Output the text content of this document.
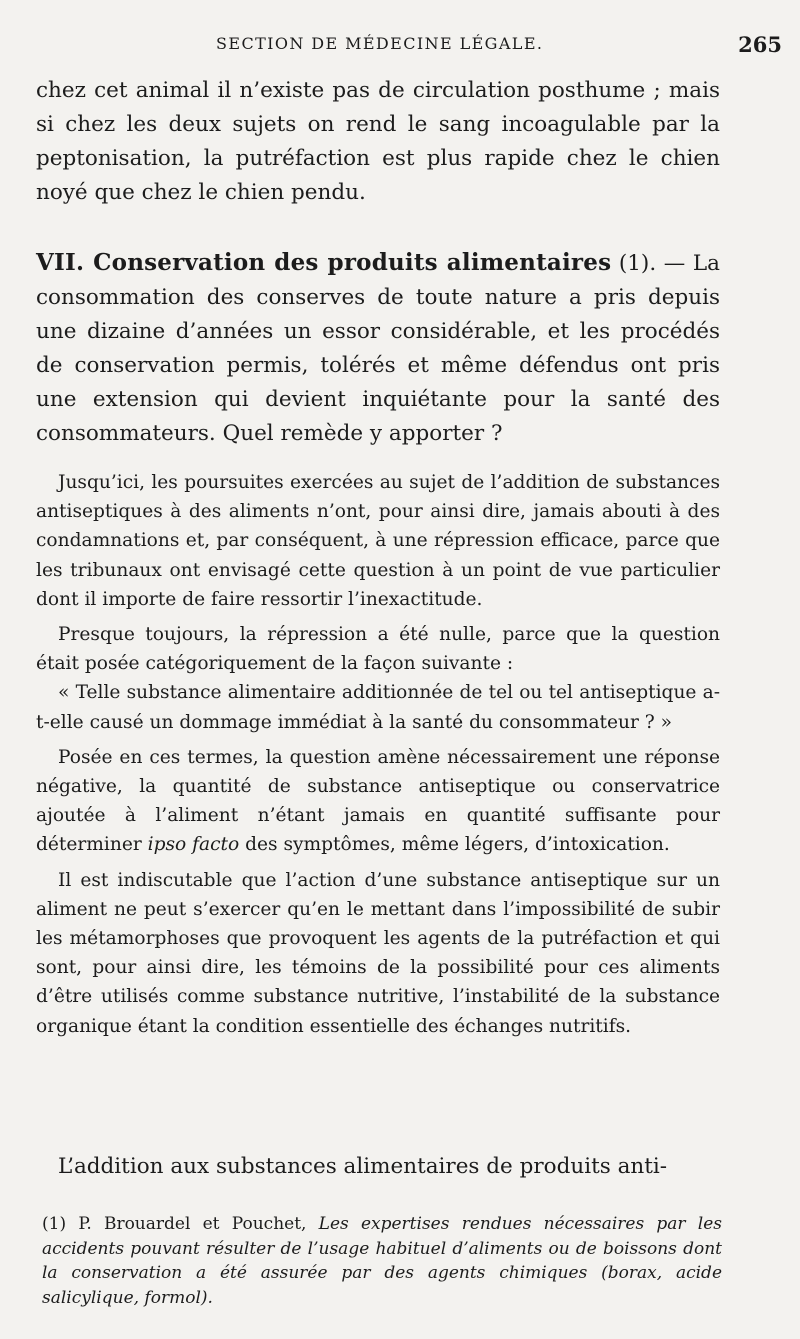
SECTION DE MÉDECINE LÉGALE.	265

chez cet animal il n’existe pas de circulation posthume ; mais si chez les deux sujets on rend le sang incoagulable par la peptonisation, la putréfaction est plus rapide chez le chien noyé que chez le chien pendu.

VII. Conservation des produits alimentaires (1). — La consommation des conserves de toute nature a pris depuis une dizaine d’années un essor considérable, et les procédés de conservation permis, tolérés et même défendus ont pris une extension qui devient inquiétante pour la santé des consommateurs. Quel remède y apporter ?

Jusqu’ici, les poursuites exercées au sujet de l’addition de substances antiseptiques à des aliments n’ont, pour ainsi dire, jamais abouti à des condamnations et, par conséquent, à une répression efficace, parce que les tribunaux ont envisagé cette question à un point de vue particulier dont il importe de faire ressortir l’inexactitude.

Presque toujours, la répression a été nulle, parce que la question était posée catégoriquement de la façon suivante :

« Telle substance alimentaire additionnée de tel ou tel antiseptique a-t-elle causé un dommage immédiat à la santé du consommateur ? »

Posée en ces termes, la question amène nécessairement une réponse négative, la quantité de substance antiseptique ou conservatrice ajoutée à l’aliment n’étant jamais en quantité suffisante pour déterminer ipso facto des symptômes, même légers, d’intoxication.

Il est indiscutable que l’action d’une substance antiseptique sur un aliment ne peut s’exercer qu’en le mettant dans l’impossibilité de subir les métamorphoses que provoquent les agents de la putréfaction et qui sont, pour ainsi dire, les témoins de la possibilité pour ces aliments d’être utilisés comme substance nutritive, l’instabilité de la substance organique étant la condition essentielle des échanges nutritifs.

L’addition aux substances alimentaires de produits anti-

(1) P. Brouardel et Pouchet, Les expertises rendues nécessaires par les accidents pouvant résulter de l’usage habituel d’aliments ou de boissons dont la conservation a été assurée par des agents chimiques (borax, acide salicylique, formol).
